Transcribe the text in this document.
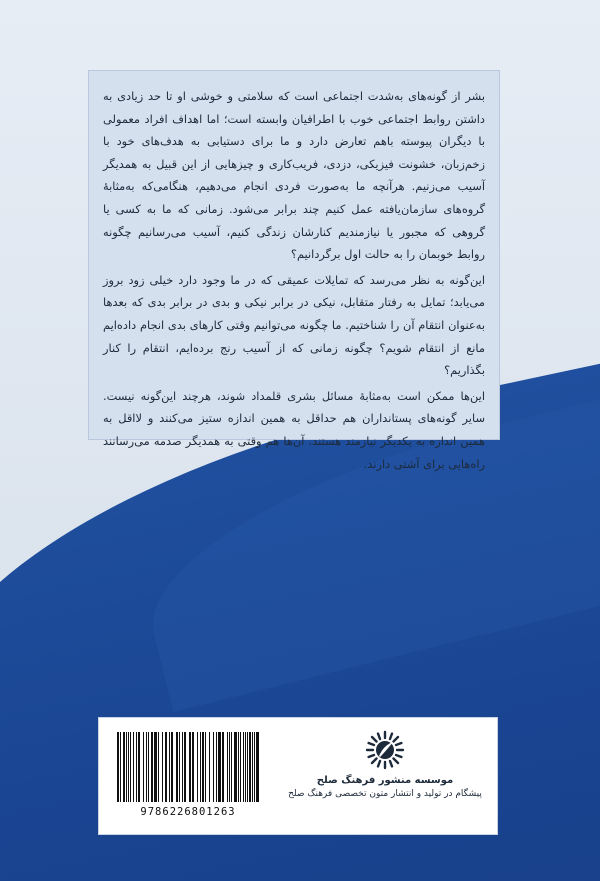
بشر از گونه‌های به‌شدت اجتماعی است که سلامتی و خوشی او تا حد زیادی به داشتن روابط اجتماعی خوب با اطرافیان وابسته است؛ اما اهداف افراد معمولی با دیگران پیوسته باهم تعارض دارد و ما برای دستیابی به هدف‌های خود با زخم‌زبان، خشونت فیزیکی، دزدی، فریب‌کاری و چیزهایی از این قبیل به همدیگر آسیب می‌زنیم. هرآنچه ما به‌صورت فردی انجام می‌دهیم، هنگامی‌که به‌مثابهٔ گروه‌های سازمان‌یافته عمل کنیم چند برابر می‌شود. زمانی که ما به کسی یا گروهی که مجبور یا نیازمندیم کنارشان زندگی کنیم، آسیب می‌رسانیم چگونه روابط خوبمان را به حالت اول برگردانیم؟

این‌گونه به نظر می‌رسد که تمایلات عمیقی که در ما وجود دارد خیلی زود بروز می‌یابد؛ تمایل به رفتار متقابل، نیکی در برابر نیکی و بدی در برابر بدی که بعدها به‌عنوان انتقام آن را شناختیم. ما چگونه می‌توانیم وقتی کارهای بدی انجام داده‌ایم مانع از انتقام شویم؟ چگونه زمانی که از آسیب رنج برده‌ایم، انتقام را کنار بگذاریم؟

این‌ها ممکن است به‌مثابهٔ مسائل بشری قلمداد شوند، هرچند این‌گونه نیست. سایر گونه‌های پستانداران هم حداقل به همین اندازه ستیز می‌کنند و لااقل به همین اندازه به یکدیگر نیازمند هستند. آن‌ها هم وقتی به همدیگر صدمه می‌رسانند راه‌هایی برای آشتی دارند.

9786226801263
موسسه منشور فرهنگ صلح
پیشگام در تولید و انتشار متون تخصصی فرهنگ صلح
